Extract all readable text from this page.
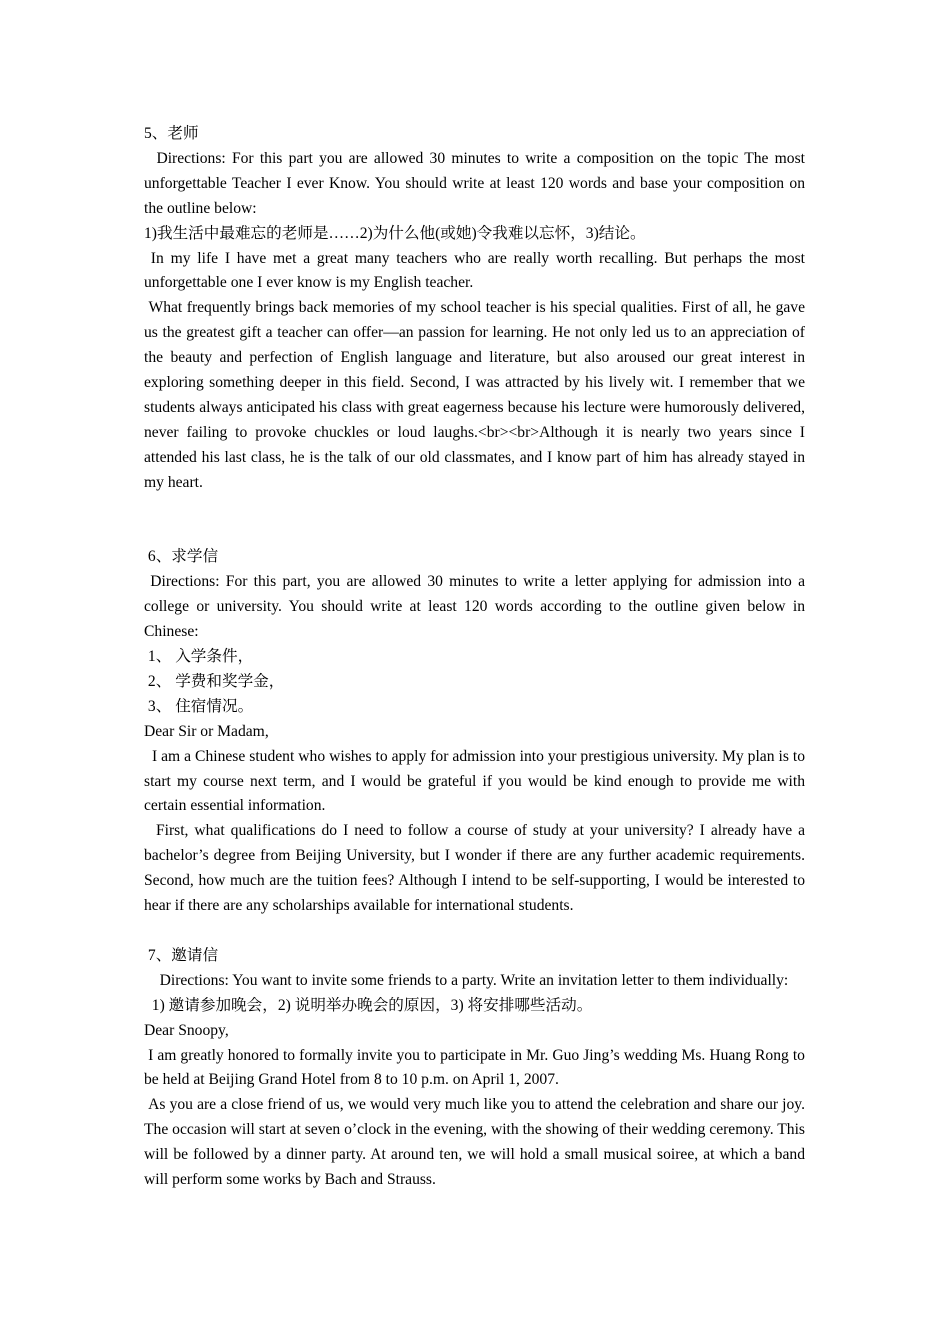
5、老师

Directions: For this part you are allowed 30 minutes to write a composition on the topic The most unforgettable Teacher I ever Know. You should write at least 120 words and base your composition on the outline below:

1)我生活中最难忘的老师是……2)为什么他(或她)令我难以忘怀，3)结论。

In my life I have met a great many teachers who are really worth recalling. But perhaps the most unforgettable one I ever know is my English teacher.

What frequently brings back memories of my school teacher is his special qualities. First of all, he gave us the greatest gift a teacher can offer—an passion for learning. He not only led us to an appreciation of the beauty and perfection of English language and literature, but also aroused our great interest in exploring something deeper in this field. Second, I was attracted by his lively wit. I remember that we students always anticipated his class with great eagerness because his lecture were humorously delivered, never failing to provoke chuckles or loud laughs.<br><br>Although it is nearly two years since I attended his last class, he is the talk of our old classmates, and I know part of him has already stayed in my heart.

6、求学信

Directions: For this part, you are allowed 30 minutes to write a letter applying for admission into a college or university. You should write at least 120 words according to the outline given below in Chinese:

1、 入学条件，

2、 学费和奖学金，

3、 住宿情况。

Dear Sir or Madam,

I am a Chinese student who wishes to apply for admission into your prestigious university. My plan is to start my course next term, and I would be grateful if you would be kind enough to provide me with certain essential information.

First, what qualifications do I need to follow a course of study at your university? I already have a bachelor’s degree from Beijing University, but I wonder if there are any further academic requirements. Second, how much are the tuition fees? Although I intend to be self-supporting, I would be interested to hear if there are any scholarships available for international students.

7、邀请信

Directions: You want to invite some friends to a party. Write an invitation letter to them individually:

1) 邀请参加晚会，2) 说明举办晚会的原因，3) 将安排哪些活动。

Dear Snoopy,

I am greatly honored to formally invite you to participate in Mr. Guo Jing’s wedding Ms. Huang Rong to be held at Beijing Grand Hotel from 8 to 10 p.m. on April 1, 2007.

As you are a close friend of us, we would very much like you to attend the celebration and share our joy. The occasion will start at seven o’clock in the evening, with the showing of their wedding ceremony. This will be followed by a dinner party. At around ten, we will hold a small musical soiree, at which a band will perform some works by Bach and Strauss.
